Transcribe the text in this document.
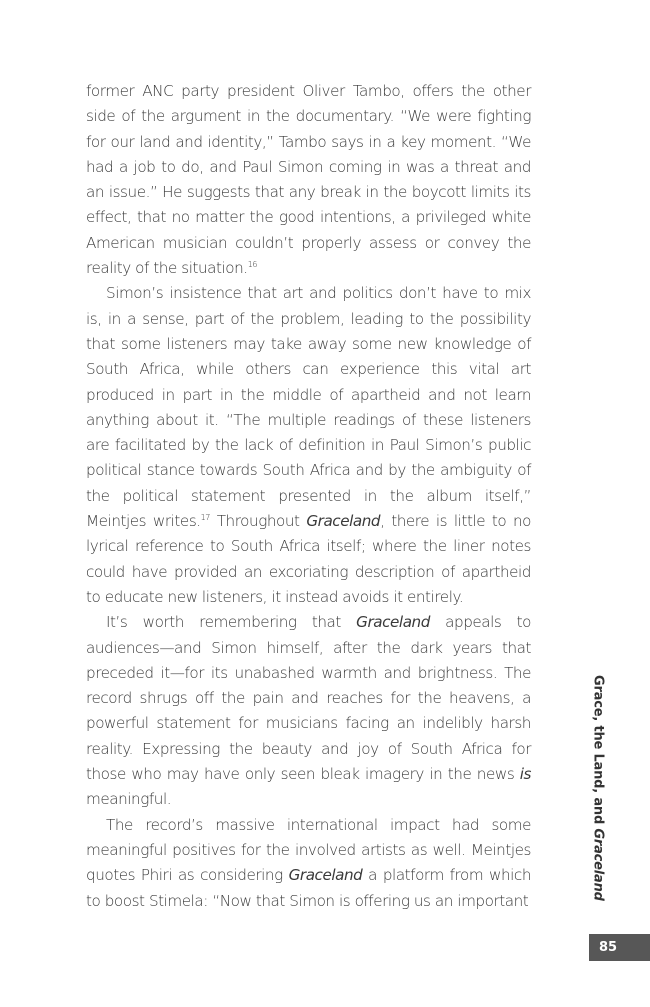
former ANC party president Oliver Tambo, offers the other side of the argument in the documentary. “We were fighting for our land and identity,” Tambo says in a key moment. “We had a job to do, and Paul Simon coming in was a threat and an issue.” He suggests that any break in the boycott limits its effect, that no matter the good intentions, a privileged white American musician couldn’t properly assess or convey the reality of the situation.$^{16}$

Simon’s insistence that art and politics don’t have to mix is, in a sense, part of the problem, leading to the possibility that some listeners may take away some new knowledge of South Africa, while others can experience this vital art produced in part in the middle of apartheid and not learn anything about it. “The multiple readings of these listeners are facilitated by the lack of definition in Paul Simon’s public political stance towards South Africa and by the ambiguity of the political statement presented in the album itself,” Meintjes writes.$^{17}$ Throughout Graceland, there is little to no lyrical reference to South Africa itself; where the liner notes could have provided an excoriating description of apartheid to educate new listeners, it instead avoids it entirely.

It’s worth remembering that Graceland appeals to audiences—and Simon himself, after the dark years that preceded it—for its unabashed warmth and brightness. The record shrugs off the pain and reaches for the heavens, a powerful statement for musicians facing an indelibly harsh reality. Expressing the beauty and joy of South Africa for those who may have only seen bleak imagery in the news is meaningful.

The record’s massive international impact had some meaningful positives for the involved artists as well. Meintjes quotes Phiri as considering Graceland a platform from which to boost Stimela: “Now that Simon is offering us an important

Grace, the Land, and Graceland
85
